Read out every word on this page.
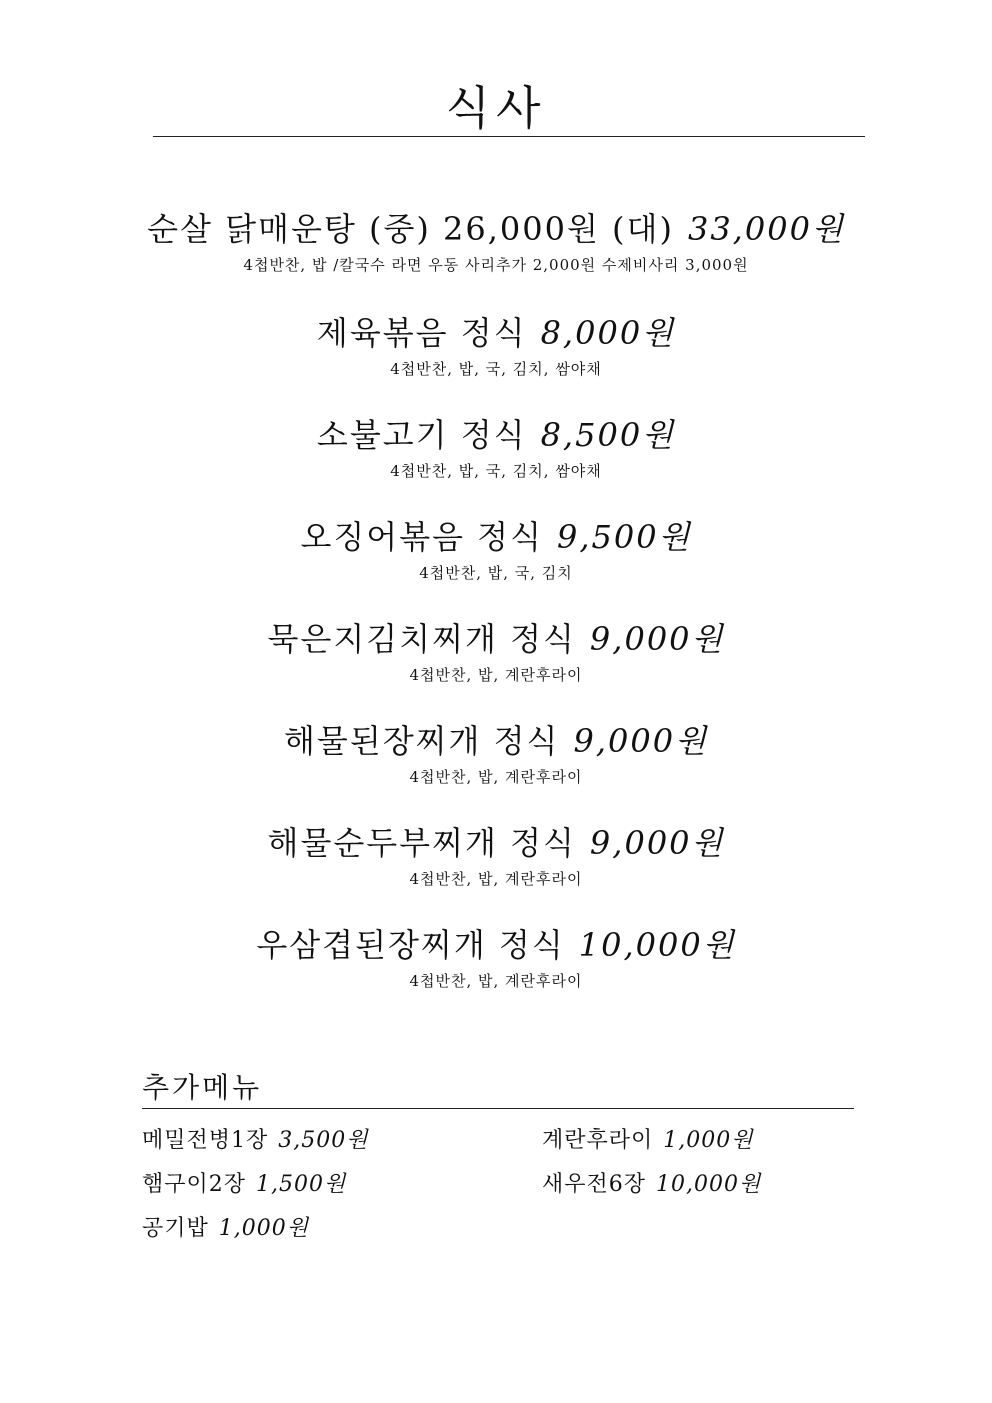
식사
순살 닭매운탕 (중) 26,000원 (대) 33,000원
4첩반찬, 밥 /칼국수 라면 우동 사리추가 2,000원 수제비사리 3,000원
제육볶음 정식 8,000원
4첩반찬, 밥, 국, 김치, 쌈야채
소불고기 정식 8,500원
4첩반찬, 밥, 국, 김치, 쌈야채
오징어볶음 정식 9,500원
4첩반찬, 밥, 국, 김치
묵은지김치찌개 정식 9,000원
4첩반찬, 밥, 계란후라이
해물된장찌개 정식 9,000원
4첩반찬, 밥, 계란후라이
해물순두부찌개 정식 9,000원
4첩반찬, 밥, 계란후라이
우삼겹된장찌개 정식 10,000원
4첩반찬, 밥, 계란후라이
추가메뉴
메밀전병1장 3,500원	계란후라이 1,000원
햄구이2장 1,500원	새우전6장 10,000원
공기밥 1,000원
